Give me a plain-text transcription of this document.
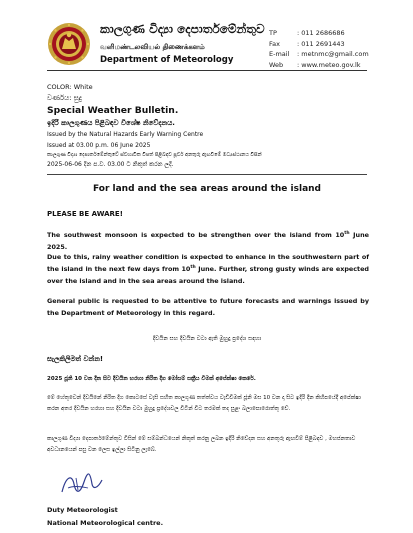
කාලගුණ විද්‍යා දෙපාර්තමේන්තුව
வளிமண்டலவியல் திணைக்களம்
Department of Meteorology
TP	: 011 2686686
Fax	: 011 2691443
E-mail : metnmc@gmail.com
Web : www.meteo.gov.lk
COLOR: White
වර්ණය: සුදු
Special Weather Bulletin.
ඉදිරි කාලගුණය පිළිබඳව විශේෂ නිවේදනය.
Issued by the Natural Hazards Early Warning Centre
Issued at 03.00 p.m. 06 June 2025
කාලගුණ විද්‍යා දෙපාර්තමේන්තුවේ ස්වභාවික විපත් පිළිබඳව පූර්ව අනතුරු ඇඟවීමේ මධ්‍යස්ථානය විසින්
2025-06-06 දින ප.ව. 03.00 ට නිකුත් කරන ලදි.
For land and the sea areas around the island
PLEASE BE AWARE!
The southwest monsoon is expected to be strengthen over the island from 10th June 2025.
Due to this, rainy weather condition is expected to enhance in the southwestern part of the island in the next few days from 10th June. Further, strong gusty winds are expected over the island and in the sea areas around the island.
General public is requested to be attentive to future forecasts and warnings issued by the Department of Meteorology in this regard.
දිවයින සහ දිවයින වටා ඇති මුහුදු ප්‍රදේශ සඳහා
සැලකිලිමත් වන්න!
2025 ජූනි 10 වන දින සිට දිවයින හරහා නිරිත දිග මෝසම් සක්‍රීය වීමක් අපේක්ෂා කෙරේ.
මේ හේතුවෙන් දිවයිනේ නිරිත දිග කොටසේ වැසි සහිත කාලගුණ තත්ත්වය වැඩිවීමක් ජූනි මස 10 වන දා සිට ඉදිරි දින කිහිපයේදී අපේක්ෂා කරන අතර දිවයින හරහා සහ දිවයින වටා මුහුදු ප්‍රදේශවල විටින් විට තරමක් තද සුළං බලාපොරොත්තු වේ.
කාලගුණ විද්‍යා දෙපාර්තමේන්තුව විසින් මේ සම්බන්ධයෙන් නිකුත් කරනු ලබන ඉදිරි නිවේදන සහ අනතුරු ඇඟවීම් පිළිබඳව , මහජනතාව අවධානයෙන් පසු වන ලෙස ඉල්ලා සිටිනු ලැබේ.
Duty Meteorologist
National Meteorological centre.
